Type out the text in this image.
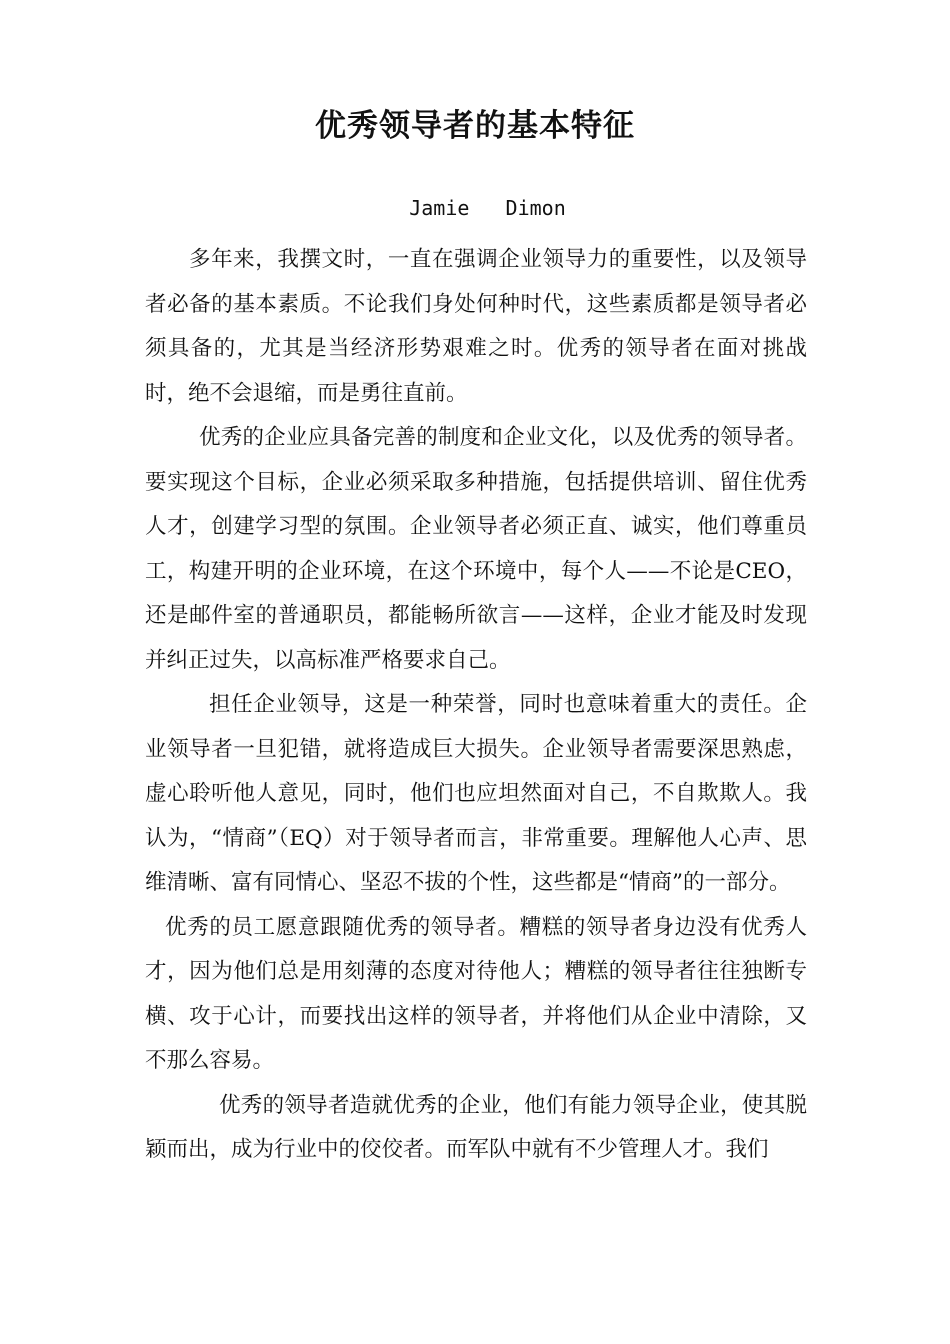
优秀领导者的基本特征
Jamie   Dimon

多年来，我撰文时，一直在强调企业领导力的重要性，以及领导者必备的基本素质。不论我们身处何种时代，这些素质都是领导者必须具备的，尤其是当经济形势艰难之时。优秀的领导者在面对挑战时，绝不会退缩，而是勇往直前。

优秀的企业应具备完善的制度和企业文化，以及优秀的领导者。要实现这个目标，企业必须采取多种措施，包括提供培训、留住优秀人才，创建学习型的氛围。企业领导者必须正直、诚实，他们尊重员工，构建开明的企业环境，在这个环境中，每个人——不论是CEO，还是邮件室的普通职员，都能畅所欲言——这样，企业才能及时发现并纠正过失，以高标准严格要求自己。

担任企业领导，这是一种荣誉，同时也意味着重大的责任。企业领导者一旦犯错，就将造成巨大损失。企业领导者需要深思熟虑，虚心聆听他人意见，同时，他们也应坦然面对自己，不自欺欺人。我认为，“情商”（EQ）对于领导者而言，非常重要。理解他人心声、思维清晰、富有同情心、坚忍不拔的个性，这些都是“情商”的一部分。

优秀的员工愿意跟随优秀的领导者。糟糕的领导者身边没有优秀人才，因为他们总是用刻薄的态度对待他人；糟糕的领导者往往独断专横、攻于心计，而要找出这样的领导者，并将他们从企业中清除，又不那么容易。

优秀的领导者造就优秀的企业，他们有能力领导企业，使其脱颖而出，成为行业中的佼佼者。而军队中就有不少管理人才。我们
